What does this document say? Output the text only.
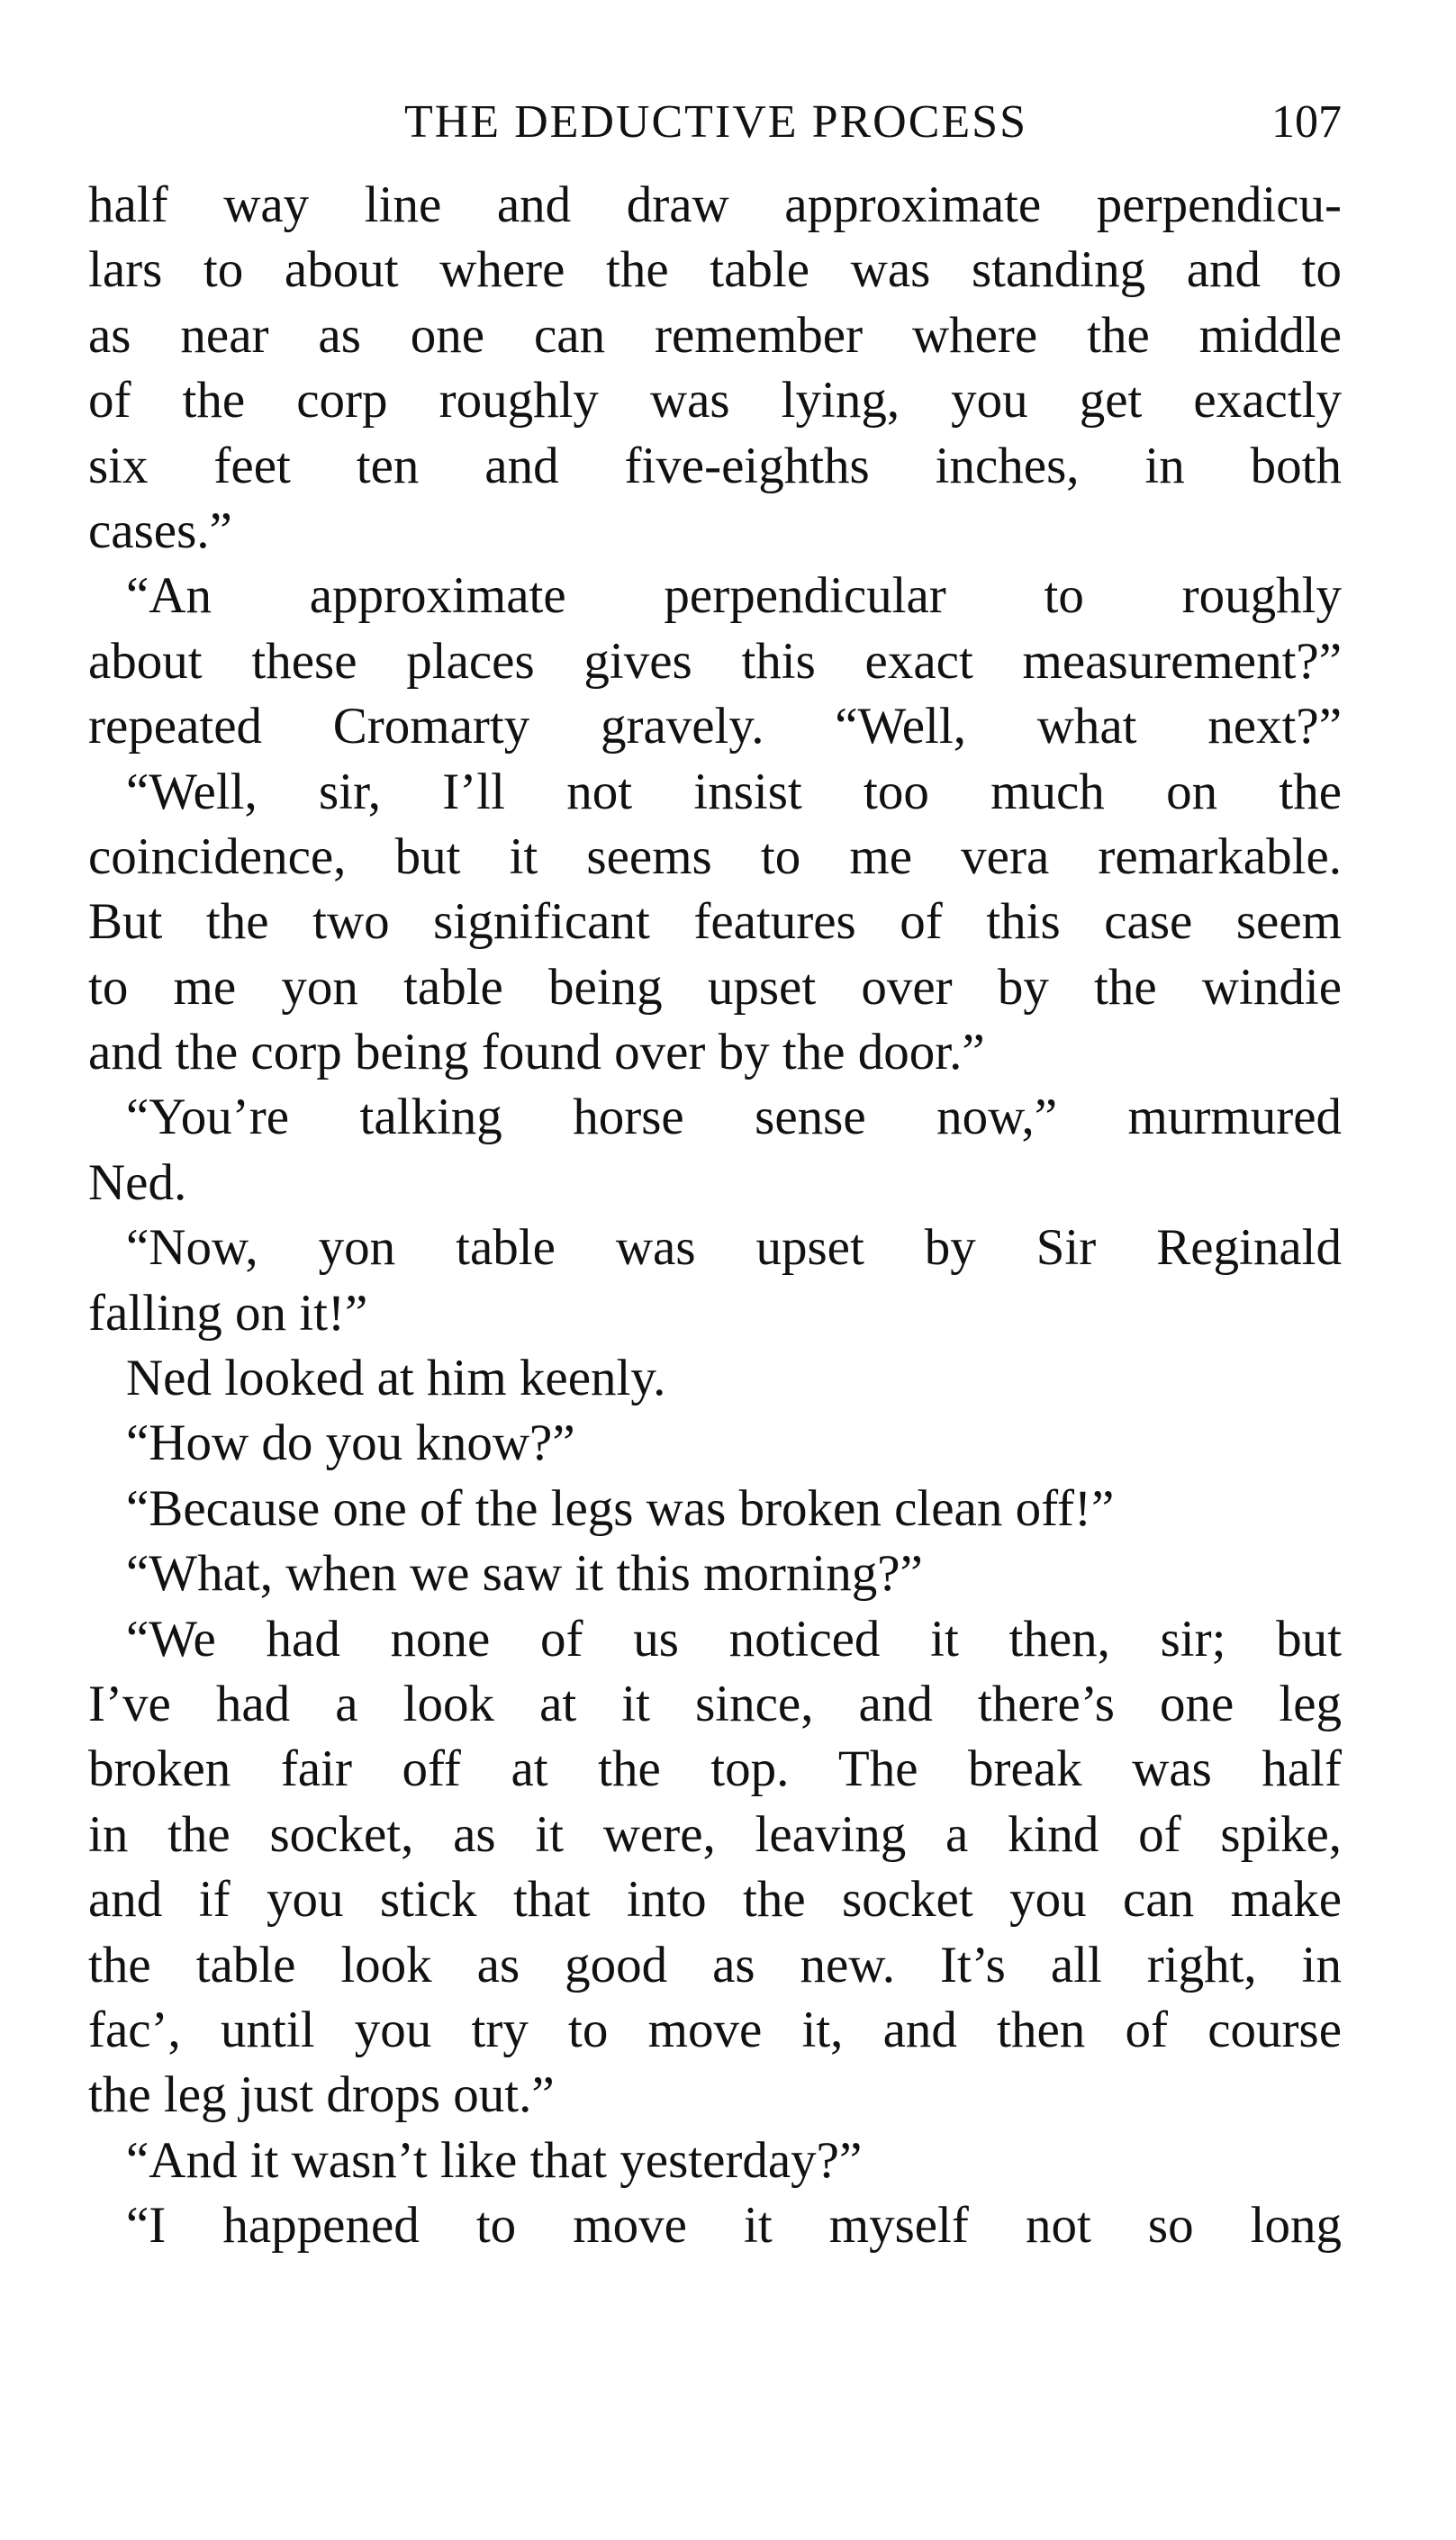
THE DEDUCTIVE PROCESS	107
half way line and draw approximate perpendicu-
lars to about where the table was standing and to
as near as one can remember where the middle
of the corp roughly was lying, you get exactly
six feet ten and five-eighths inches, in both
cases.”
“An approximate perpendicular to roughly
about these places gives this exact measurement?”
repeated Cromarty gravely. “Well, what next?”
“Well, sir, I’ll not insist too much on the
coincidence, but it seems to me vera remarkable.
But the two significant features of this case seem
to me yon table being upset over by the windie
and the corp being found over by the door.”
“You’re talking horse sense now,” murmured
Ned.
“Now, yon table was upset by Sir Reginald
falling on it!”
Ned looked at him keenly.
“How do you know?”
“Because one of the legs was broken clean off!”
“What, when we saw it this morning?”
“We had none of us noticed it then, sir; but
I’ve had a look at it since, and there’s one leg
broken fair off at the top. The break was half
in the socket, as it were, leaving a kind of spike,
and if you stick that into the socket you can make
the table look as good as new. It’s all right, in
fac’, until you try to move it, and then of course
the leg just drops out.”
“And it wasn’t like that yesterday?”
“I happened to move it myself not so long
